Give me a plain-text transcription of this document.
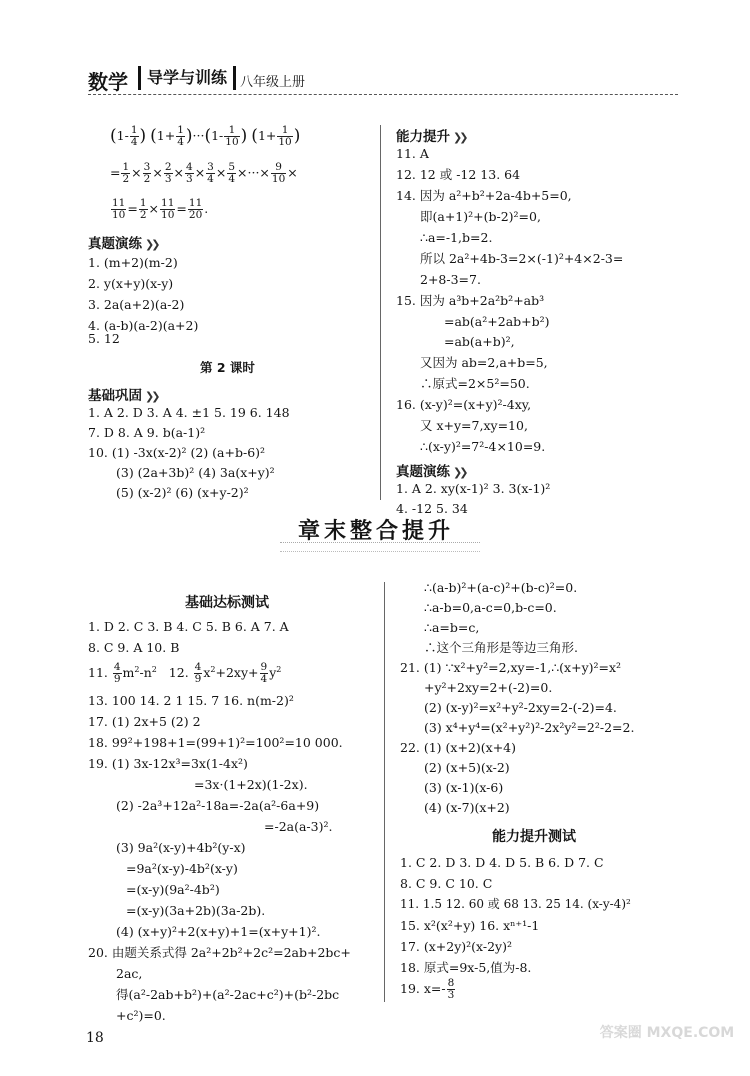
数学	导学与训练 八年级上册
($1- \frac{1}{4}$ ) $(1+ \frac{1}{4} )\cdot\cdot\cdot(1- \frac{1}{10}$ ) ($1+ \frac{1}{10}$ )
= $\frac{1}{2} \times \frac{3}{2} \times \frac{2}{3} \times \frac{4}{3} \times \frac{3}{4} \times \frac{5}{4}$ ×···× $\frac{9}{10}$ ×
$\frac{11}{10} = \frac{1}{2} \times \frac{11}{10} = \frac{11}{20}$ .
真题演练 ❯❯
1. (m+2)(m-2)
2. y(x+y)(x-y)
3. 2a(a+2)(a-2)
4. (a-b)(a-2)(a+2)
5. 12
第 2 课时
基础巩固 ❯❯
1. A 2. D 3. A 4. ±1 5. 19 6. 148
7. D 8. A 9. b(a-1)²
10. (1) -3x(x-2)² (2) (a+b-6)²
(3) (2a+3b)² (4) 3a(x+y)²
(5) (x-2)² (6) (x+y-2)²
能力提升 ❯❯
11. A
12. 12 或 -12 13. 64
14. 因为 a²+b²+2a-4b+5=0,
即(a+1)²+(b-2)²=0,
∴a=-1,b=2.
所以 2a²+4b-3=2×(-1)²+4×2-3=
2+8-3=7.
15. 因为 a³b+2a²b²+ab³
=ab(a²+2ab+b²)
=ab(a+b)²,
又因为 ab=2,a+b=5,
∴原式=2×5²=50.
16. (x-y)²=(x+y)²-4xy,
又 x+y=7,xy=10,
∴(x-y)²=7²-4×10=9.
真题演练 ❯❯
1. A 2. xy(x-1)² 3. 3(x-1)²
4. -12 5. 34
章末整合提升
基础达标测试
1. D 2. C 3. B 4. C 5. B 6. A 7. A
8. C 9. A 10. B
11. $\frac{4}{9} m^2-n^2$   12. $\frac{4}{9} x^2+2xy+ \frac{9}{4} y^2$
13. 100 14. 2 1 15. 7 16. n(m-2)²
17. (1) 2x+5 (2) 2
18. 99²+198+1=(99+1)²=100²=10 000.
19. (1) 3x-12x³=3x(1-4x²)
=3x·(1+2x)(1-2x).
(2) -2a³+12a²-18a=-2a(a²-6a+9)
=-2a(a-3)².
(3) 9a²(x-y)+4b²(y-x)
=9a²(x-y)-4b²(x-y)
=(x-y)(9a²-4b²)
=(x-y)(3a+2b)(3a-2b).
(4) (x+y)²+2(x+y)+1=(x+y+1)².
20. 由题关系式得 2a²+2b²+2c²=2ab+2bc+
2ac,
得(a²-2ab+b²)+(a²-2ac+c²)+(b²-2bc
+c²)=0.
∴(a-b)²+(a-c)²+(b-c)²=0.
∴a-b=0,a-c=0,b-c=0.
∴a=b=c,
∴这个三角形是等边三角形.
21. (1) ∵x²+y²=2,xy=-1,∴(x+y)²=x²
+y²+2xy=2+(-2)=0.
(2) (x-y)²=x²+y²-2xy=2-(-2)=4.
(3) x⁴+y⁴=(x²+y²)²-2x²y²=2²-2=2.
22. (1) (x+2)(x+4)
(2) (x+5)(x-2)
(3) (x-1)(x-6)
(4) (x-7)(x+2)
能力提升测试
1. C 2. D 3. D 4. D 5. B 6. D 7. C
8. C 9. C 10. C
11. 1.5 12. 60 或 68 13. 25 14. (x-y-4)²
15. x²(x²+y) 16. xⁿ⁺¹-1
17. (x+2y)²(x-2y)²
18. 原式=9x-5,值为-8.
19. $x=- \frac{8}{3}$
18	答案圈 MXQE.COM
